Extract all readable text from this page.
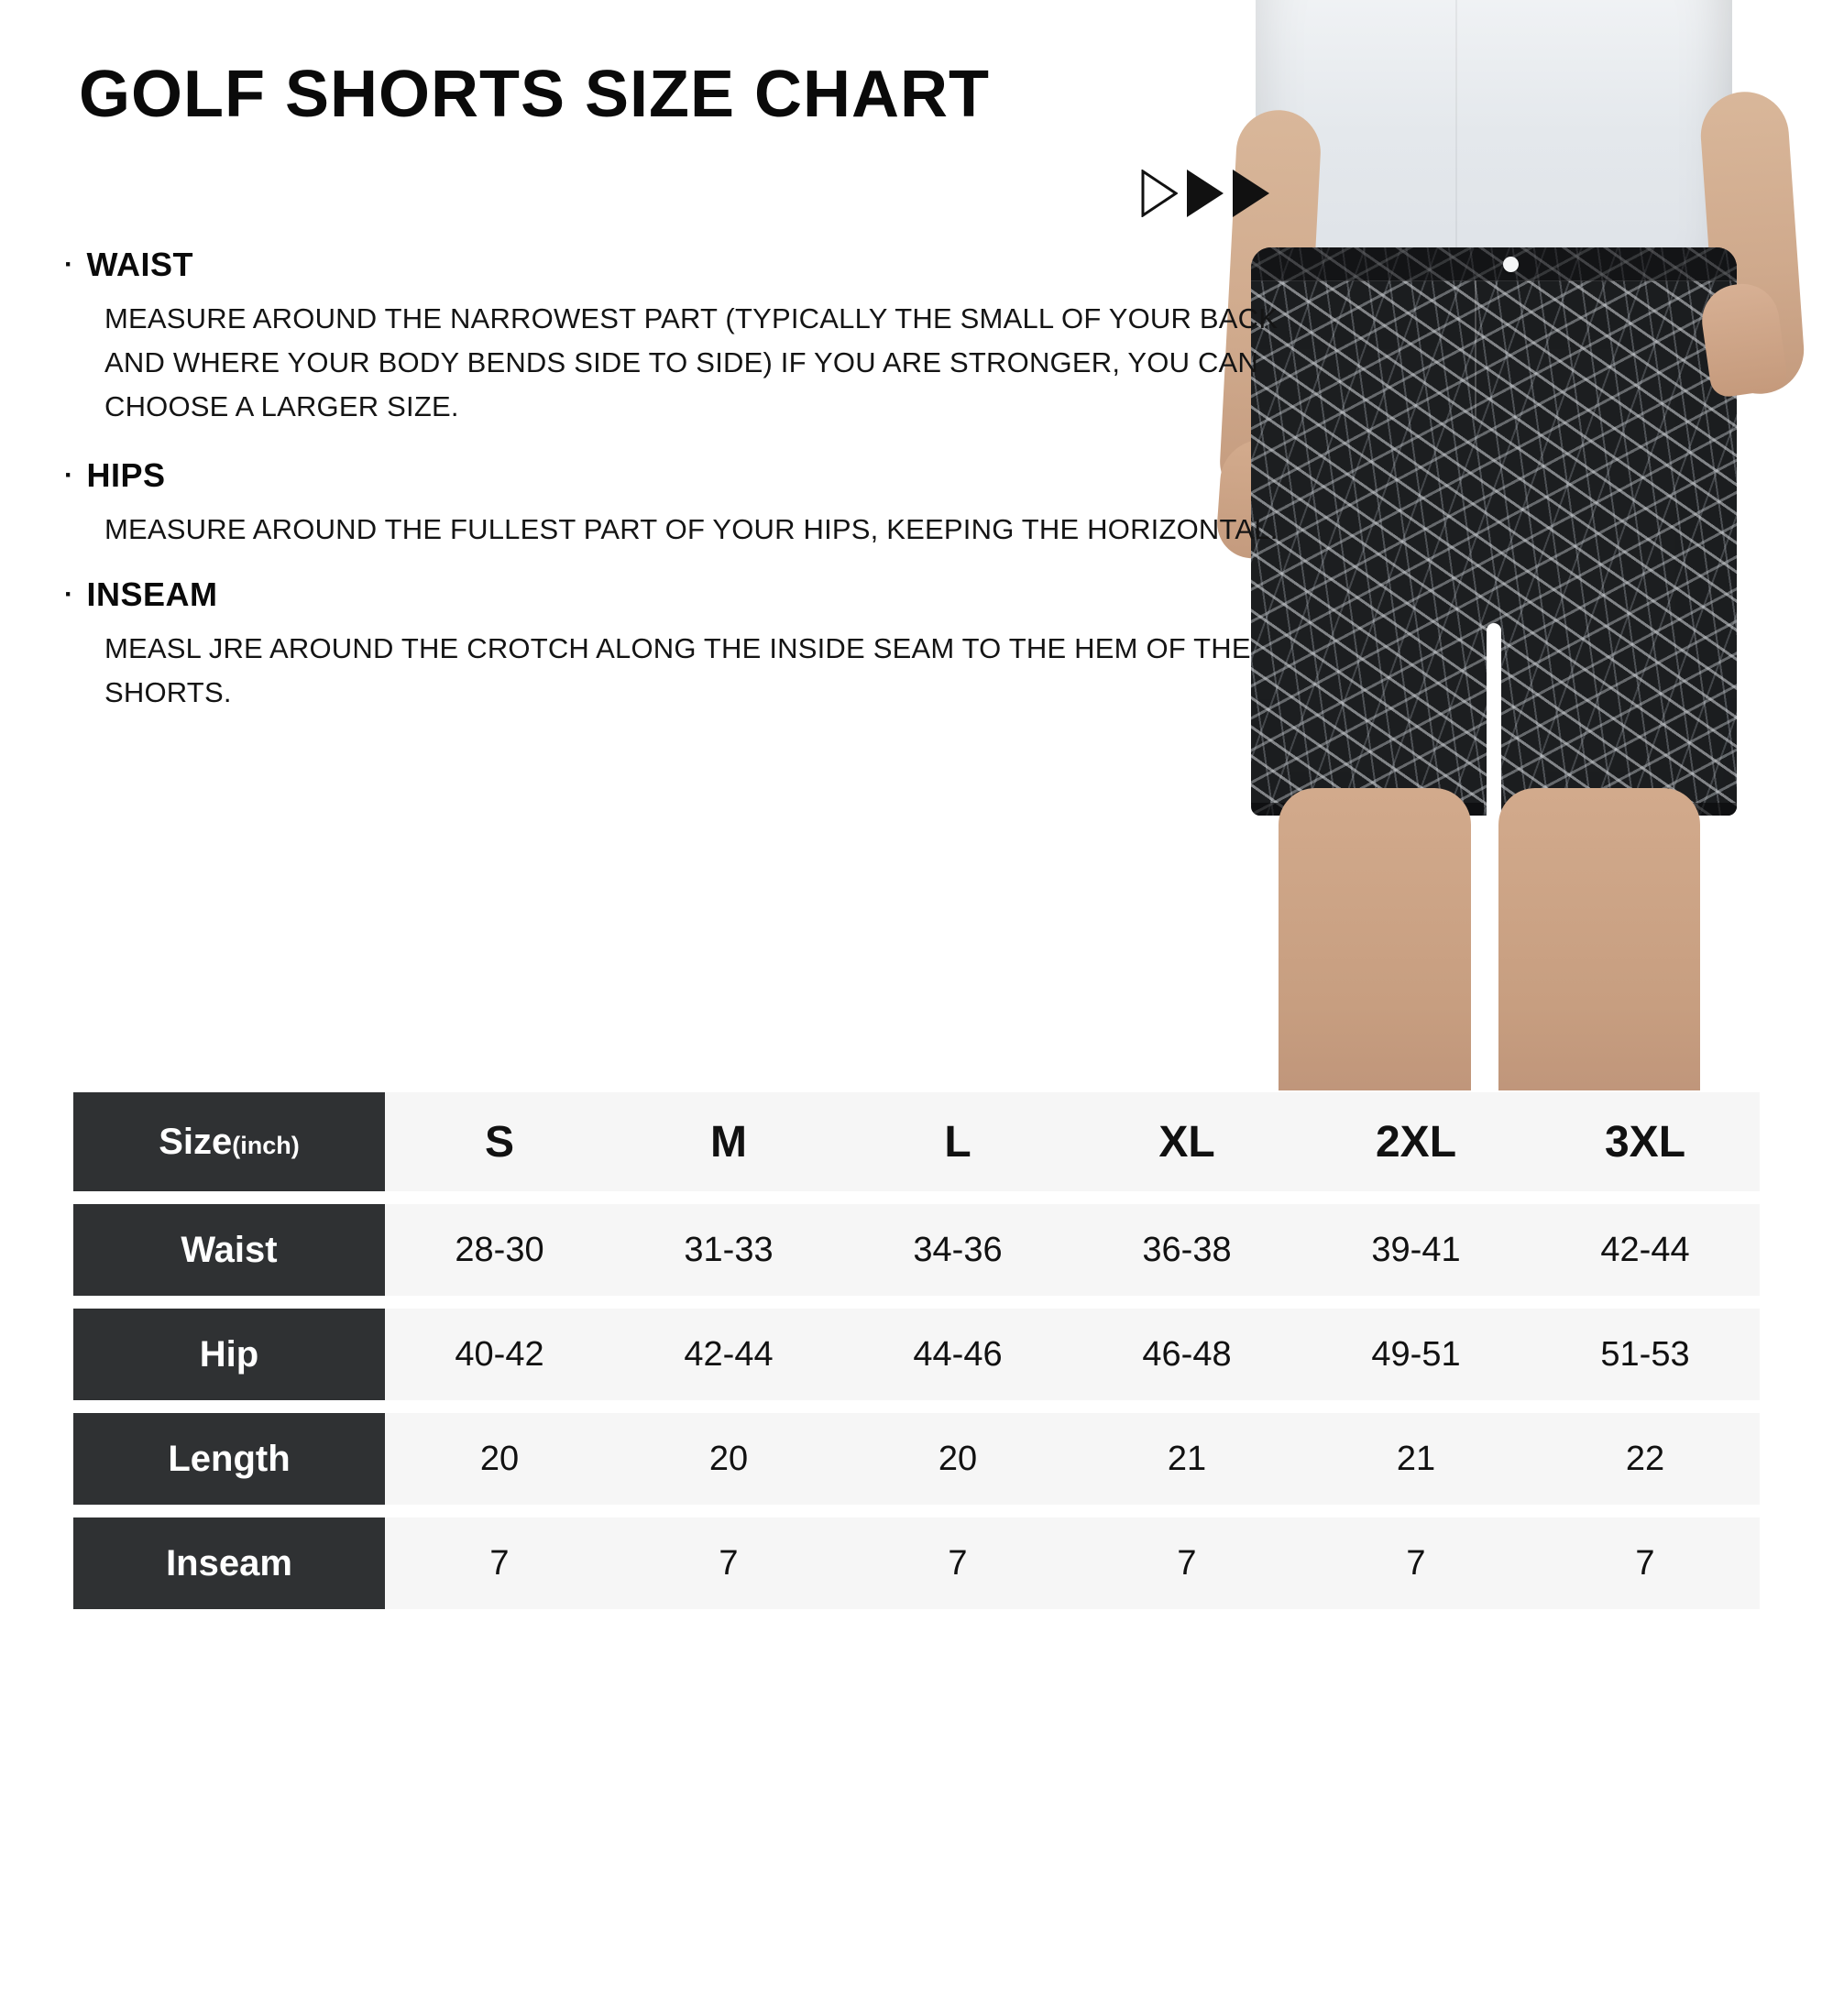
GOLF SHORTS SIZE CHART
· WAIST

MEASURE AROUND THE NARROWEST PART (TYPICALLY THE SMALL OF YOUR BACK AND WHERE YOUR BODY BENDS SIDE TO SIDE) IF YOU ARE STRONGER, YOU CAN CHOOSE A LARGER SIZE.

· HIPS

MEASURE AROUND THE FULLEST PART OF YOUR HIPS, KEEPING THE HORIZONTAL.

· INSEAM

MEASL JRE AROUND THE CROTCH ALONG THE INSIDE SEAM TO THE HEM OF THE SHORTS.

Size(inch)	S	M	L	XL	2XL	3XL
Waist	28-30	31-33	34-36	36-38	39-41	42-44
Hip	40-42	42-44	44-46	46-48	49-51	51-53
Length	20	20	20	21	21	22
Inseam	7	7	7	7	7	7
